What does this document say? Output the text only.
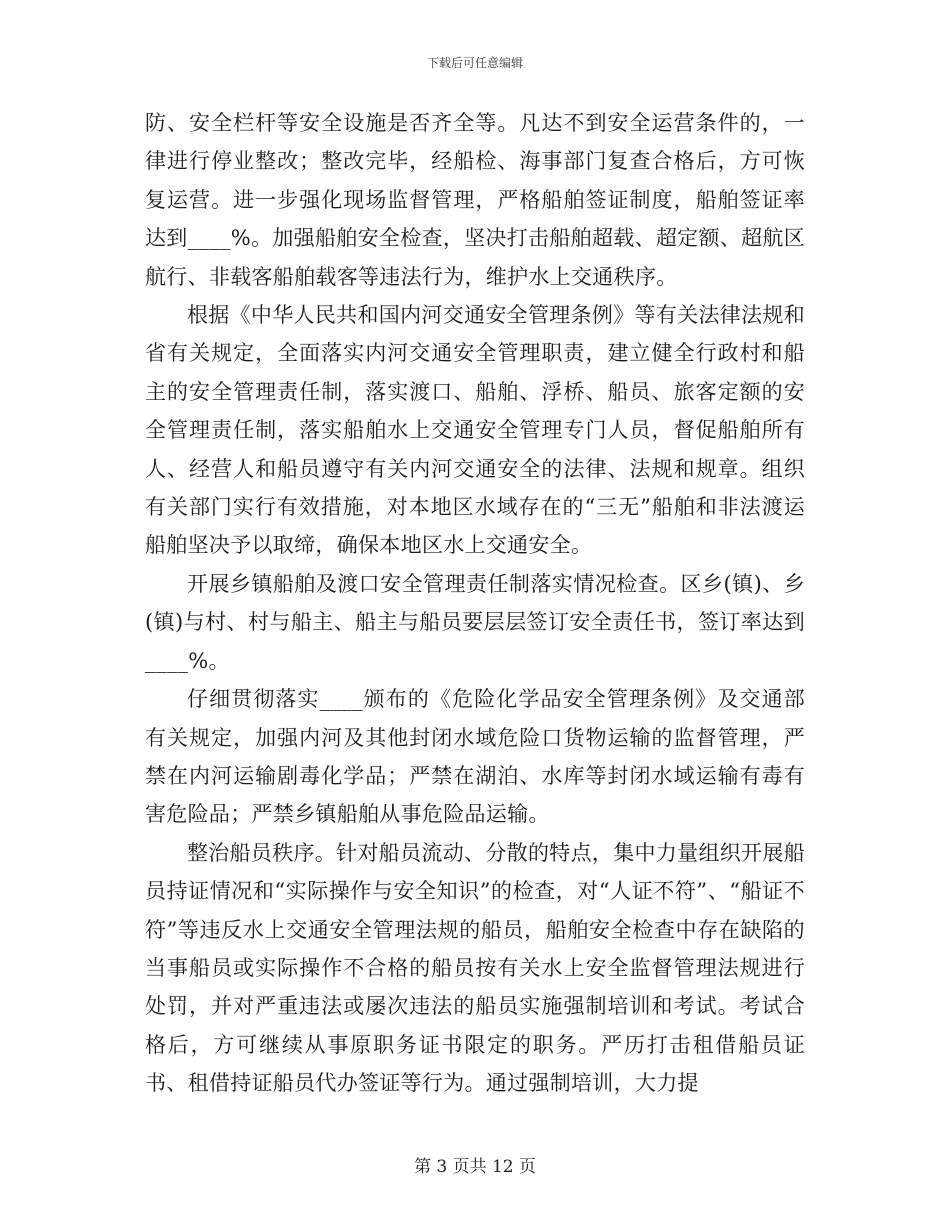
下载后可任意编辑

防、安全栏杆等安全设施是否齐全等。凡达不到安全运营条件的，一律进行停业整改；整改完毕，经船检、海事部门复查合格后，方可恢复运营。进一步强化现场监督管理，严格船舶签证制度，船舶签证率达到____%。加强船舶安全检查，坚决打击船舶超载、超定额、超航区航行、非载客船舶载客等违法行为，维护水上交通秩序。

根据《中华人民共和国内河交通安全管理条例》等有关法律法规和省有关规定，全面落实内河交通安全管理职责，建立健全行政村和船主的安全管理责任制，落实渡口、船舶、浮桥、船员、旅客定额的安全管理责任制，落实船舶水上交通安全管理专门人员，督促船舶所有人、经营人和船员遵守有关内河交通安全的法律、法规和规章。组织有关部门实行有效措施，对本地区水域存在的“三无”船舶和非法渡运船舶坚决予以取缔，确保本地区水上交通安全。

开展乡镇船舶及渡口安全管理责任制落实情况检查。区乡(镇)、乡(镇)与村、村与船主、船主与船员要层层签订安全责任书，签订率达到____%。

仔细贯彻落实____颁布的《危险化学品安全管理条例》及交通部有关规定，加强内河及其他封闭水域危险口货物运输的监督管理，严禁在内河运输剧毒化学品；严禁在湖泊、水库等封闭水域运输有毒有害危险品；严禁乡镇船舶从事危险品运输。

整治船员秩序。针对船员流动、分散的特点，集中力量组织开展船员持证情况和“实际操作与安全知识”的检查，对“人证不符”、“船证不符”等违反水上交通安全管理法规的船员，船舶安全检查中存在缺陷的当事船员或实际操作不合格的船员按有关水上安全监督管理法规进行处罚，并对严重违法或屡次违法的船员实施强制培训和考试。考试合格后，方可继续从事原职务证书限定的职务。严历打击租借船员证书、租借持证船员代办签证等行为。通过强制培训，大力提

第 3 页共 12 页
